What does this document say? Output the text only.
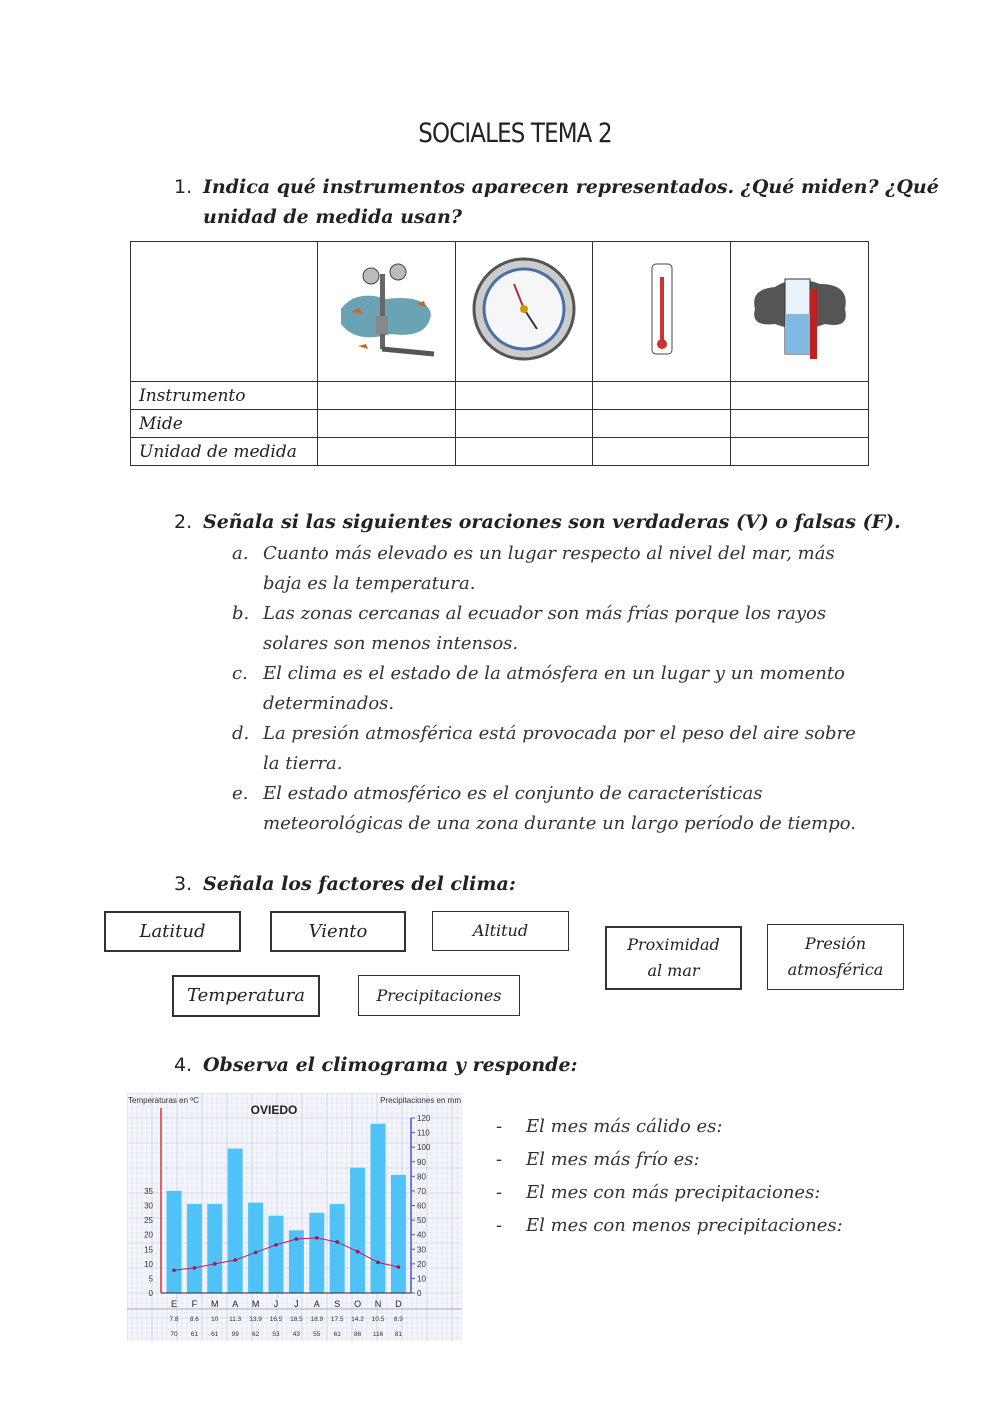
SOCIALES TEMA 2
1. Indica qué instrumentos aparecen representados. ¿Qué miden? ¿Qué
unidad de medida usan?

Instrumento				
Mide				
Unidad de medida				
2. Señala si las siguientes oraciones son verdaderas (V) o falsas (F).
a. Cuanto más elevado es un lugar respecto al nivel del mar, más
baja es la temperatura.
b. Las zonas cercanas al ecuador son más frías porque los rayos
solares son menos intensos.
c. El clima es el estado de la atmósfera en un lugar y un momento
determinados.
d. La presión atmosférica está provocada por el peso del aire sobre
la tierra.
e. El estado atmosférico es el conjunto de características
meteorológicas de una zona durante un largo período de tiempo.
3. Señala los factores del clima:
Latitud	Viento	Altitud
Proximidad
al mar
Presión
atmosférica
Temperatura	Precipitaciones
4. Observa el climograma y responde:
Temperaturas en ºC	Precipitaciones en mm
OVIEDO
0
5
10
15
20
25
30
35
0
10
20
30
40
50
60
70
80
90
100
110
120
E
7.8
70
F
8.6
61
M
10
61
A
11.3
99
M
13.9
62
J
16.5
53
J
18.5
43
A
18.9
55
S
17.5
61
O
14.2
86
N
10.5
116
D
8.9
81
- El mes más cálido es:
- El mes más frío es:
- El mes con más precipitaciones:
- El mes con menos precipitaciones:
